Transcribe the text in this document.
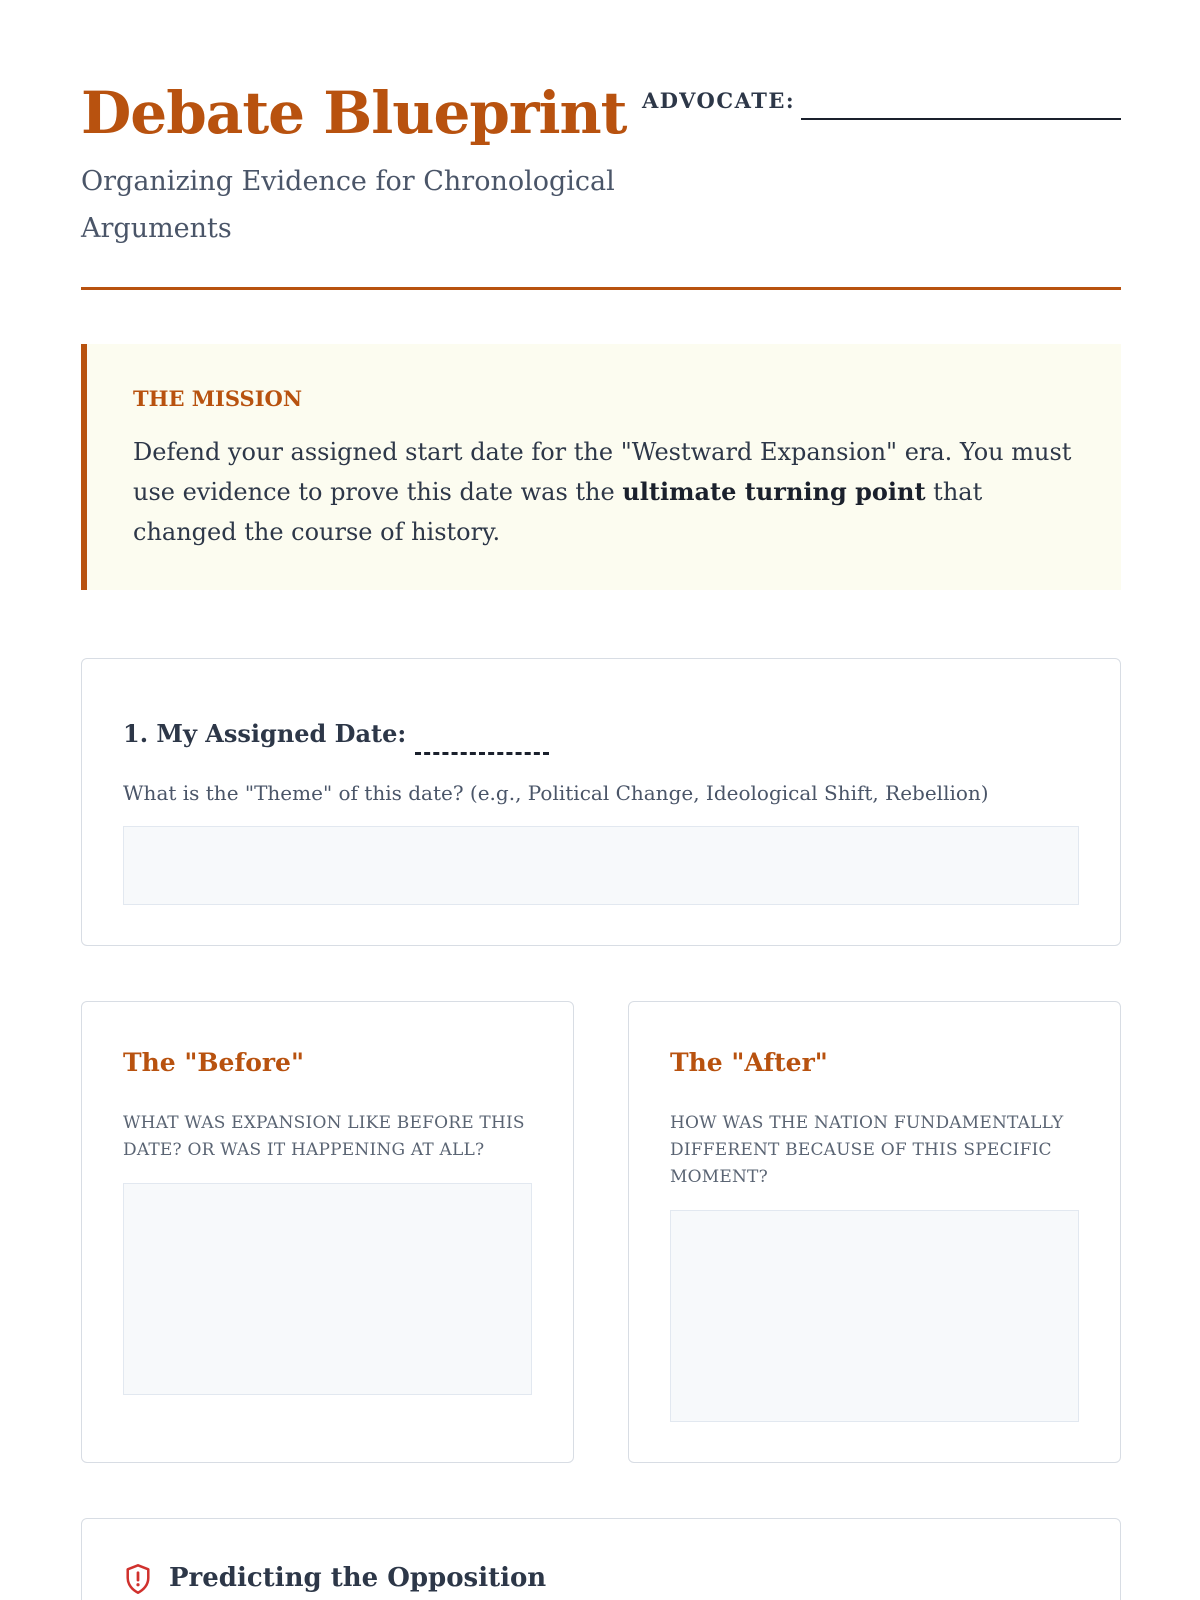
Debate Blueprint

Organizing Evidence for Chronological Arguments

ADVOCATE:
THE MISSION

Defend your assigned start date for the "Westward Expansion" era. You must use evidence to prove this date was the ultimate turning point that changed the course of history.

1. My Assigned Date:
What is the "Theme" of this date? (e.g., Political Change, Ideological Shift, Rebellion)
The "Before"
WHAT WAS EXPANSION LIKE BEFORE THIS DATE? OR WAS IT HAPPENING AT ALL?
The "After"
HOW WAS THE NATION FUNDAMENTALLY DIFFERENT BECAUSE OF THIS SPECIFIC MOMENT?
Predicting the Opposition
